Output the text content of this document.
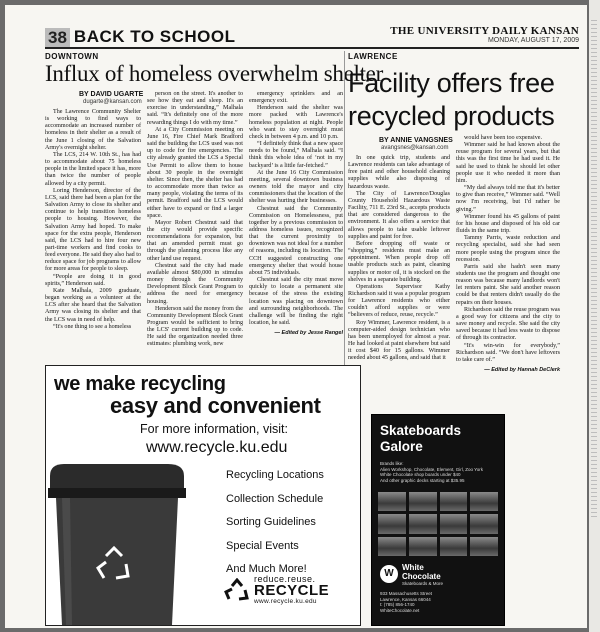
38 BACK TO SCHOOL	THE UNIVERSITY DAILY KANSAN
MONDAY, AUGUST 17, 2009
DOWNTOWN
Influx of homeless overwhelm shelter
BY DAVID UGARTE
dugarte@kansan.com

The Lawrence Community Shelter is working to find ways to accommodate an increased number of homeless in their shelter as a result of the June 1 closing of the Salvation Army's overnight shelter.

The LCS, 214 W. 10th St., has had to accommodate about 75 homeless people in the limited space it has, more than twice the number of people allowed by a city permit.

Loring Henderson, director of the LCS, said there had been a plan for the Salvation Army to close its shelter and continue to help transition homeless people to housing. However, the Salvation Army had hoped. To make space for the extra people, Henderson said, the LCS had to hire four new part-time workers and find cooks to feed everyone. He said they also had to reduce space for job programs to allow for more areas for people to sleep.

“People are doing it in good spirits,” Henderson said.

Kate Malhala, 2009 graduate, began working as a volunteer at the LCS after she heard that the Salvation Army was closing its shelter and that the LCS was in need of help.

“It's one thing to see a homeless

person on the street. It's another to see how they eat and sleep. It's an exercise in understanding,” Malhala said. “It's definitely one of the more rewarding things I do with my time.”

At a City Commission meeting on June 16, Fire Chief Mark Bradford said the building the LCS used was not up to code for fire emergencies. The city already granted the LCS a Special Use Permit to allow them to house about 30 people in the overnight shelter. Since then, the shelter has had to accommodate more than twice as many people, violating the terms of its permit. Bradford said the LCS would either have to expand or find a larger space.

Mayor Robert Chestnut said that the city would provide specific recommendations for expansion, but that an amended permit must go through the planning process like any other land use request.

Chestnut said the city had made available almost $80,000 in stimulus money through the Community Development Block Grant Program to address the need for emergency housing.

Henderson said the money from the Community Development Block Grant Program would be sufficient to bring the LCS' current building up to code. He said the organization needed three estimates: plumbing work, new

emergency sprinklers and an emergency exit.

Henderson said the shelter was more packed with Lawrence's homeless population at night. People who want to stay overnight must check in between 4 p.m. and 10 p.m.

“I definitely think that a new space needs to be found,” Malhala said. “I think this whole idea of ‘not in my backyard’ is a little far-fetched.”

At the June 16 City Commission meeting, several downtown business owners told the mayor and city commissioners that the location of the shelter was hurting their businesses.

Chestnut said the Community Commission on Homelessness, put together by a previous commission to address homeless issues, recognized that the current proximity to downtown was not ideal for a number of reasons, including its location. The CCH suggested constructing one emergency shelter that would house about 75 individuals.

Chestnut said the city must move quickly to locate a permanent site because of the stress the existing location was placing on downtown and surrounding neighborhoods. The challenge will be finding the right location, he said.

— Edited by Jesse Rangel
LAWRENCE
Facility offers free recycled products
BY ANNIE VANGSNES
avangsnes@kansan.com

In one quick trip, students and Lawrence residents can take advantage of free paint and other household cleaning supplies while also disposing of hazardous waste.

The City of Lawrence/Douglas County Household Hazardous Waste Facility, 711 E. 23rd St., accepts products that are considered dangerous to the environment. It also offers a service that allows people to take usable leftover supplies and paint for free.

Before dropping off waste or “shopping,” residents must make an appointment. When people drop off usable products such as paint, cleaning supplies or motor oil, it is stocked on the shelves in a separate building.

Operations Supervisor Kathy Richardson said it was a popular program for Lawrence residents who either couldn't afford supplies or were “believers of reduce, reuse, recycle.”

Roy Wimmer, Lawrence resident, is a computer-aided design technician who has been unemployed for almost a year. He had looked at paint elsewhere but said it cost $40 for 15 gallons. Wimmer needed about 45 gallons, and said that it

would have been too expensive.

Wimmer said he had known about the reuse program for several years, but that this was the first time he had used it. He said he used to think he should let other people use it who needed it more than him.

“My dad always told me that it's better to give than receive,” Wimmer said. “Well now I'm receiving, but I'd rather be giving.”

Wimmer found his 45 gallons of paint for his house and disposed of his old car fluids in the same trip.

Tammy Parris, waste reduction and recycling specialist, said she had seen more people using the program since the recession.

Parris said she hadn't seen many students use the program and thought one reason was because many landlords won't let renters paint. She said another reason could be that renters didn't usually do the repairs on their houses.

Richardson said the reuse program was a good way for citizens and the city to save money and recycle. She said the city saved because it had less waste to dispose of through its contractor.

“It's win-win for everybody,” Richardson said. “We don't have leftovers to take care of.”

— Edited by Hannah DeClerk
we make recycling
easy and convenient
For more information, visit:
www.recycle.ku.edu
Recycling Locations
Collection Schedule
Sorting Guidelines
Special Events
And Much More!
reduce.reuse.
RECYCLE
www.recycle.ku.edu
Skateboards
Galore
Brands like:
Alien Workshop, Chocolate, Element, Girl, Zoo York
White Chocolate shop boards under $40
And other graphic decks starting at $35.95
W
White
Chocolate
Skateboards & More
933 Massachusetts Street
Lawrence, Kansas 66044
t: (785) 856-1740
WhiteChocolate.net
